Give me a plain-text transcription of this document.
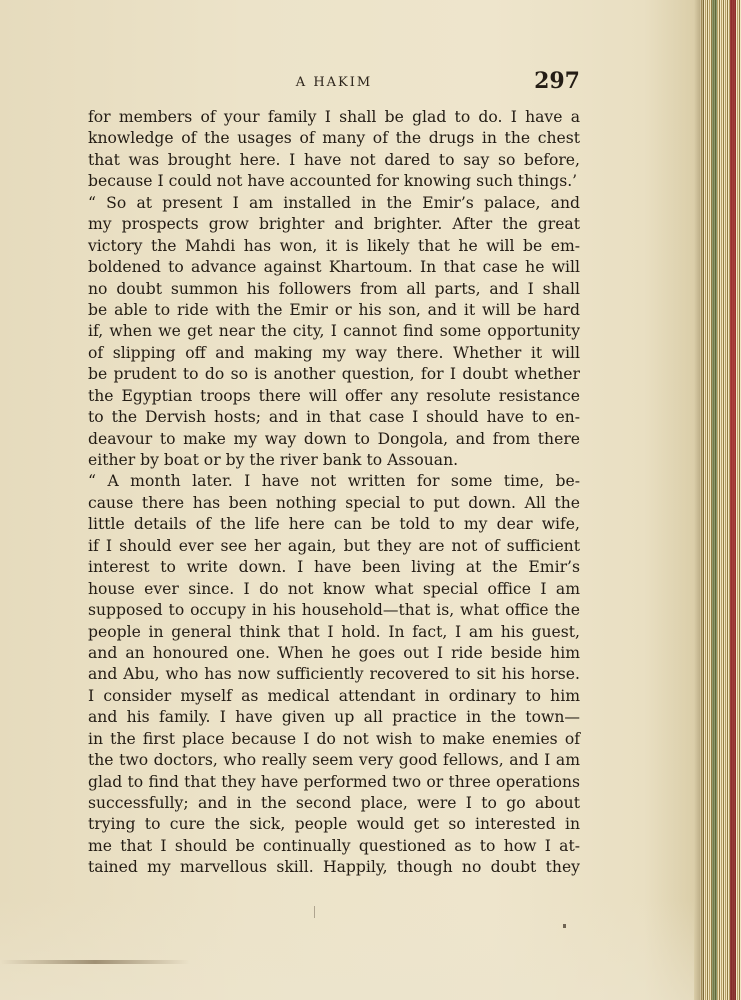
A HAKIM	297
for members of your family I shall be glad to do. I have a
knowledge of the usages of many of the drugs in the chest
that was brought here. I have not dared to say so before,
because I could not have accounted for knowing such things.’
“ So at present I am installed in the Emir’s palace, and
my prospects grow brighter and brighter. After the great
victory the Mahdi has won, it is likely that he will be em-
boldened to advance against Khartoum. In that case he will
no doubt summon his followers from all parts, and I shall
be able to ride with the Emir or his son, and it will be hard
if, when we get near the city, I cannot find some opportunity
of slipping off and making my way there. Whether it will
be prudent to do so is another question, for I doubt whether
the Egyptian troops there will offer any resolute resistance
to the Dervish hosts; and in that case I should have to en-
deavour to make my way down to Dongola, and from there
either by boat or by the river bank to Assouan.
“ A month later. I have not written for some time, be-
cause there has been nothing special to put down. All the
little details of the life here can be told to my dear wife,
if I should ever see her again, but they are not of sufficient
interest to write down. I have been living at the Emir’s
house ever since. I do not know what special office I am
supposed to occupy in his household—that is, what office the
people in general think that I hold. In fact, I am his guest,
and an honoured one. When he goes out I ride beside him
and Abu, who has now sufficiently recovered to sit his horse.
I consider myself as medical attendant in ordinary to him
and his family. I have given up all practice in the town—
in the first place because I do not wish to make enemies of
the two doctors, who really seem very good fellows, and I am
glad to find that they have performed two or three operations
successfully; and in the second place, were I to go about
trying to cure the sick, people would get so interested in
me that I should be continually questioned as to how I at-
tained my marvellous skill. Happily, though no doubt they
